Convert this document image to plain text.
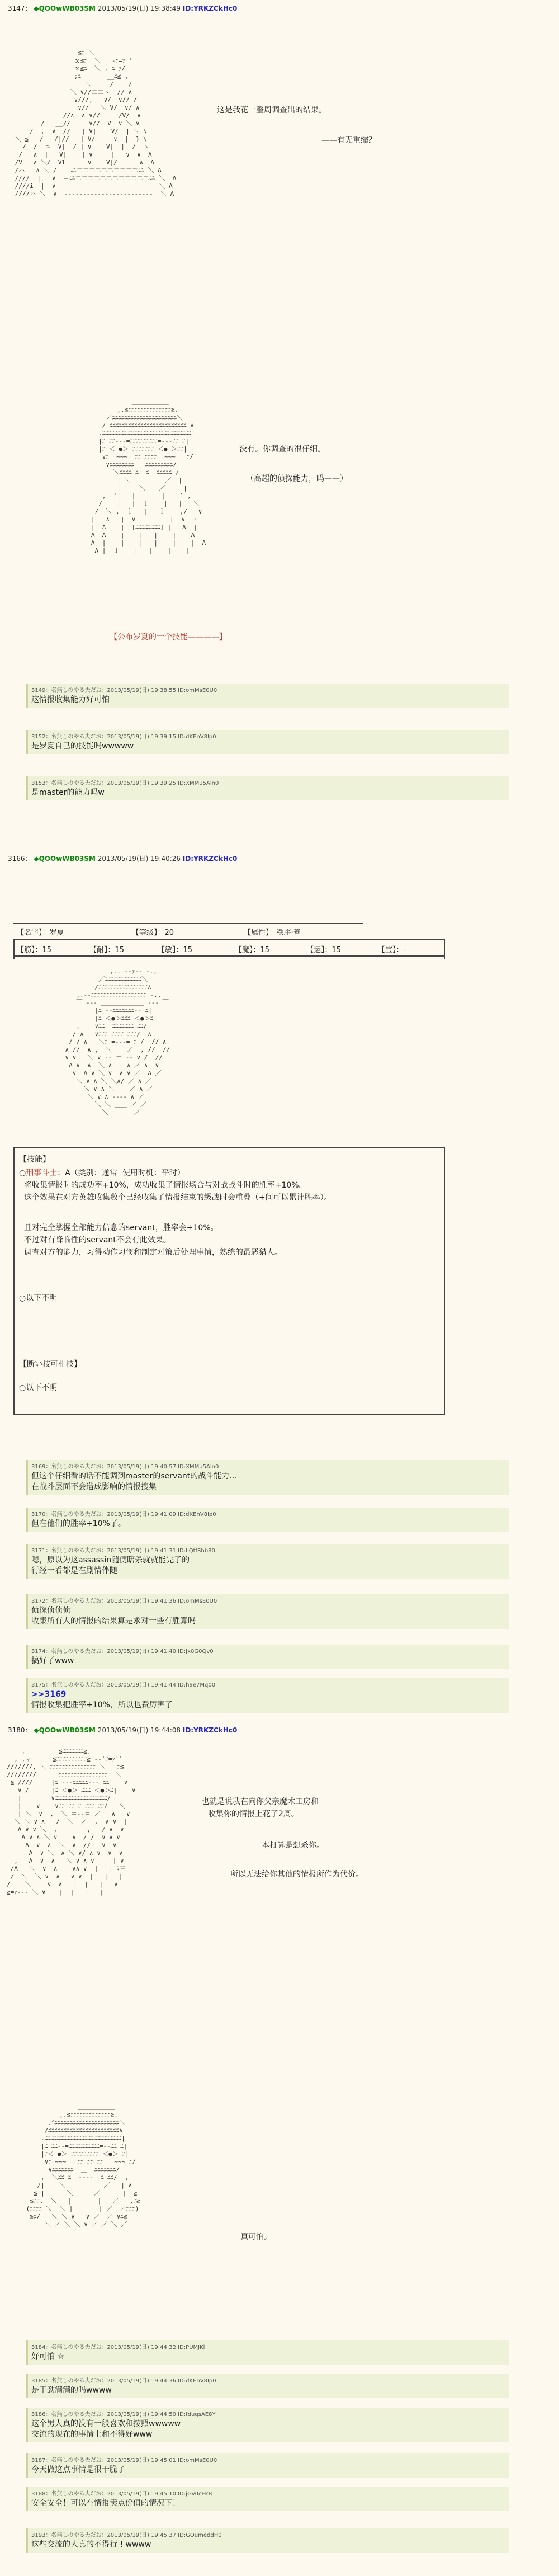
3147： ◆QOOwWB03SM 2013/05/19(日) 19:38:49 ID:YRKZCkHc0
_≦ﾆ ＼
ｘ≦ﾆ  ＼ _ -ﾆ=ｧ''
ｘ≦ﾆ  ＼ ,_ﾆ=ｧ/
;ﾆ       __ﾆ≦ ,
＼     /    /
＼ ∨//二二ヽ  // ∧
∨///,   ∨/  ∨// /
∨//   ＼ V/  ∨/ ∧
//∧  ∧ ∨// __  /V/  ∨
/   __//     ∨//  V  ∨ ＼ ∨
/  ,  ∨ |//   | V|    V/  | ＼ \
＼ ≦   /   /|//   | V/     ∨  |  } \
/  /  ニ |V|  / | ∨    V|  |  /  ヽ
/   ∧  |   V|    | ∨     |   ∨  ∧  Λ
/V   ∧ ＼/  Vl      ∨    V|/      ∧  Λ
/ハ   ∧ ＼ /  ＝ニ二二二二二二二二二二ニ ＼ Λ
////  |   ∨  ＝ニ二二二二二二二二二二二二ニ ＼  Λ
////i  |  ∨ ＿＿＿＿＿＿＿＿＿＿＿＿＿＿＿  ＼ Λ
////ハ ＼  ∨  ‐‐‐‐‐‐‐‐‐‐‐‐‐‐‐‐‐‐‐‐‐‐‐‐  ＼ Λ
这是我花一整周调查出的结果。
——有无重缩？
＿＿＿＿＿＿
,.≦ﾆﾆﾆﾆﾆﾆﾆﾆﾆﾆﾆﾆﾆﾆ≧.
／ﾆﾆﾆﾆﾆﾆﾆﾆﾆﾆﾆﾆﾆﾆﾆﾆﾆﾆﾆﾆﾆ＼
/ ﾆﾆﾆﾆﾆﾆﾆﾆﾆﾆﾆﾆﾆﾆﾆﾆﾆﾆﾆﾆﾆﾆﾆﾆﾆ ∨
.ﾆﾆﾆﾆﾆﾆﾆﾆﾆﾆﾆﾆﾆﾆﾆﾆﾆﾆﾆﾆﾆﾆﾆﾆﾆﾆﾆﾆﾆ|
|ﾆ ﾆﾆ-‐‐=ﾆﾆﾆﾆﾆﾆﾆﾆﾆ=‐‐-ﾆﾆ ﾆ|
|ﾆ ＜ ●＞ ﾆﾆﾆﾆﾆﾆﾆ ＜● ＞ﾆﾆ|
∨ﾆ  ~~~  ﾆﾆ ﾆﾆﾆﾆ  ~~~   ﾆ/
∨ﾆﾆﾆﾆﾆﾆﾆﾆ   ﾆﾆﾆﾆﾆﾆﾆﾆﾆ/
＼ﾆﾆﾆﾆ ﾆ  ﾆ  ﾆﾆﾆﾆﾆ /
| ＼ ＝＝＝＝＝／  |
|     ＼ ＿ ／     |
,  '|   |       |   |` ,
/    |   |  ｌ    |   |   ＼
/  ＼ ,  ｌ   |   ｌ    ,/   ∨
|   ∧   |  ∨  ＿ ＿   |  ∧  ヽ
|  Λ    |  [ﾆﾆﾆﾆﾆﾆﾆﾆ] |   Λ  |
Λ  Λ    |    |   |    |    Λ
Λ  |    |    |   |    |    |  Λ
Λ |  ｌ    |   |    |    |
没有。你调查的很仔细。
（高超的侦探能力，吗——）
【公布罗夏的一个技能————】
3149：名無しのやる夫だお：2013/05/19(日) 19:38:55 ID:omMsE0U0
这情报收集能力好可怕
3152：名無しのやる夫だお：2013/05/19(日) 19:39:15 ID:dKEnV8Ip0
是罗夏自己的技能吗wwwww
3153：名無しのやる夫だお：2013/05/19(日) 19:39:25 ID:XMMu5Aln0
是master的能力吗w
3166： ◆QOOwWB03SM 2013/05/19(日) 19:40:26 ID:YRKZCkHc0
【名字】：罗夏	【等级】：20	【属性】：秩序·善
【筋】：15	【耐】：15	【敏】：15	【魔】：15	【运】：15	【宝】：-
,.. -‐ｧ‐‐ -.,
／ﾆﾆﾆﾆﾆﾆﾆﾆﾆﾆﾆﾆ＼
/ﾆﾆﾆﾆﾆﾆﾆﾆﾆﾆﾆﾆﾆﾆﾆﾆ∧
,.-‐ﾆﾆﾆﾆﾆﾆﾆﾆﾆﾆﾆﾆﾆﾆﾆﾆﾆﾆ ‐.,
￣ ‐‐‐ ＿＿＿＿＿＿＿ ‐‐‐ ￣
|ﾆ=-‐ﾆﾆﾆﾆﾆﾆﾆ‐-=ﾆ|
|ﾆ ＜●＞ﾆﾆﾆ ＜●＞ﾆ|
,    ∨ﾆﾆ  ﾆﾆﾆﾆﾆﾆﾆ ﾆﾆ/
/ ∧   ∨ﾆﾆﾆ ﾆﾆﾆﾆ ﾆﾆﾆ/  ∧
/ / ∧   ＼ﾆ =‐‐‐= ﾆ /  // ∧
∧ //  ∧ ,  ＼ __ ／  , //  //
∨ ∨   ＼ ∨ ‐‐ ＝ ‐‐ ∨ /  //
Λ ∨  ∧  ＼ ∧    ∧ ／ ∧  ∨
∨  Λ ∨ ＼ ∨  ∧ ∨ ／  Λ ／
＼ ∨ ∧ ＼ ＼∧/ ／ ∧ ／
＼ ∨ ∧ ＼    ／ ∧ ／
＼ ∨ ∧ ‐‐‐‐ ∧ ／
＼ ＼ ＿＿ ／ ／
＼ ＿＿＿ ／
【技能】
○刑事斗士：A（类别：通常  使用时机：平时）
将收集情报时的成功率+10%，成功收集了情报场合与对战战斗时的胜率+10%。
这个效果在对方英雄收集数个已经收集了情报结束的级战时会重叠（+间可以累计胜率）。
且对完全掌握全部能力信息的servant，胜率会+10%。
不过对有降临性的servant不会有此效果。
调查对方的能力，习得动作习惯和制定对策后处理事情，熟练的最恶猎人。
○以下不明
【断い技可札技】
○以下不明
3169：名無しのやる夫だお：2013/05/19(日) 19:40:57 ID:XMMu5Aln0
但这个仔细看的话不能调到master的servant的战斗能力…
在战斗层面不会造成影响的情报搜集
3170：名無しのやる夫だお：2013/05/19(日) 19:41:09 ID:dKEnV8Ip0
但在他们的胜率+10%了。
3171：名無しのやる夫だお：2013/05/19(日) 19:41:31 ID:LQtfShb80
嗯，原以为这assassin随便瞎杀就就能完了的
行经一看都是在剧情伴随
3172：名無しのやる夫だお：2013/05/19(日) 19:41:36 ID:omMsE0U0
侦探侦侦侦
收集所有人的情报的结果算是求对一些有胜算吗
3174：名無しのやる夫だお：2013/05/19(日) 19:41:40 ID:Jx0G0Qv0
搞好了www
3175：名無しのやる夫だお：2013/05/19(日) 19:41:44 ID:h9e7Mq00
>>3169
情报收集把胜率+10%，所以也费厉害了
3180： ◆QOOwWB03SM 2013/05/19(日) 19:44:08 ID:YRKZCkHc0
＿＿＿
,         ≦ﾆﾆﾆﾆﾆﾆﾆ≧、
, ,ィ＿    ≦ﾆﾆﾆﾆﾆﾆﾆﾆﾆﾆ≧ -‐'ﾆ=ｧ''
///////, ＼ ﾆﾆﾆﾆﾆﾆﾆﾆﾆﾆﾆﾆﾆﾆﾆ ＼ _ ﾆ≦
////////      ﾆﾆﾆﾆﾆﾆﾆﾆﾆﾆﾆﾆﾆﾆﾆﾆ  ＼
≧ ////     |ﾆ=‐‐-ﾆﾆﾆﾆﾆ‐‐‐=ﾆﾆ|   ∨
∨ /      |ﾆ ＜●＞ ﾆﾆﾆ ＜●＞ﾆ|    ∨
|        ∨ﾆﾆﾆﾆﾆﾆﾆﾆﾆﾆﾆﾆﾆﾆﾆﾆﾆ/
|    ∨    ∨ﾆﾆ ﾆﾆ ﾆ ﾆﾆﾆ ﾆﾆ/   ＼
| ＼  ∨  ,  ＼ ＝‐‐＝ ／   ∧   ∨
＼ ＼ ∨ ∧   /  ＼__／  ,  ∧ ∨  |
Λ ∨ ∨ ＼  ,        ,   / ∨  ∨
Λ ∨ ∧ ＼ ∨    ∧  / /  ∨ ∨ ∨
Λ  ∨  ∧  ＼  ∨  //   ∨  ∨
Λ  ∨ ＼  ∧ ＼ ∨/ ∧ ∨  ∨  ∨
,   Λ  ∨  ∧   ＼ ∨ ∧ ∨     | ∨
/Λ   ＼  ∨  ∧    ∨∧ ∨  |   | ﾐ三
/  ＼  ＼ ∨  ∧   ∨ ∨  |   |   |
/    ＼＿＿ ∨  ∧   |  |   |   ∨
≧=ｧ‐‐‐ ＼ ∨ ＿ |  |   |   | ＿ ＿
也就是说我在向你父亲魔术工房和
收集你的情报上花了2周。
本打算是想杀你。
所以无法给你其他的情报所作为代价。
＿＿＿＿＿＿
,.≦ﾆﾆﾆﾆﾆﾆﾆﾆﾆﾆﾆﾆﾆ≧.
／ﾆﾆﾆﾆﾆﾆﾆﾆﾆﾆﾆﾆﾆﾆﾆﾆﾆﾆﾆﾆﾆ＼
/ﾆﾆﾆﾆﾆﾆﾆﾆﾆﾆﾆﾆﾆﾆﾆﾆﾆﾆﾆﾆﾆﾆﾆ∧
.ﾆﾆﾆﾆﾆﾆﾆﾆﾆﾆﾆﾆﾆﾆﾆﾆﾆﾆﾆﾆﾆﾆﾆﾆﾆ|
|ﾆ ﾆﾆ‐‐=ﾆﾆﾆﾆﾆﾆﾆﾆﾆﾆ=‐‐ﾆﾆ ﾆ|
|ﾆ＜ ●＞ ﾆﾆﾆﾆﾆﾆﾆﾆﾆ ＜●＞ ﾆ|
∨ﾆ ~~~   ﾆﾆ ﾆﾆ ﾆﾆ   ~~~ ﾆ/
∨ﾆﾆﾆﾆﾆﾆﾆ  ＿  ﾆﾆﾆﾆﾆﾆﾆ/
,  ＼ﾆﾆ ﾆ  ‐‐‐‐  ﾆ ﾆﾆ/  ,
/|    ＼ ＝＝＝＝＝ ／   | ∧
≦ |      ＼  ＿  ／      |  ≧
≦ﾆﾆ,  ＼   |       |   ／   ,ﾆ≧
(ﾆﾆﾆﾆ ＼  ＼ |       | ／  ／ﾆﾆﾆ)
≧ﾆ/   ＼ ＼ ∨   ∨ ／  ／ ∨ﾆ≦
＼ ／ ＼ ＼ ∨ ／ ／ ＼ ／
真可怕。
3184：名無しのやる夫だお：2013/05/19(日) 19:44:32 ID:PUMJKl
好可怕 ☆
3185：名無しのやる夫だお：2013/05/19(日) 19:44:36 ID:dKEnV8Ip0
是干劲满满的吗wwww
3186：名無しのやる夫だお：2013/05/19(日) 19:44:50 ID:fdugsAE8Y
这个男人真的没有一般喜欢和按照wwwww
交流的现在的事情上和不得好www
3187：名無しのやる夫だお：2013/05/19(日) 19:45:01 ID:omMsE0U0
今天做这点事情是很干脆了
3188：名無しのやる夫だお：2013/05/19(日) 19:45:10 ID:jGv0cEkB
安全安全！可以在情报卖点价值的情况下！
3193：名無しのやる夫だお：2013/05/19(日) 19:45:37 ID:GOumeddH0
这些交流的人真的不得行 ! wwww
